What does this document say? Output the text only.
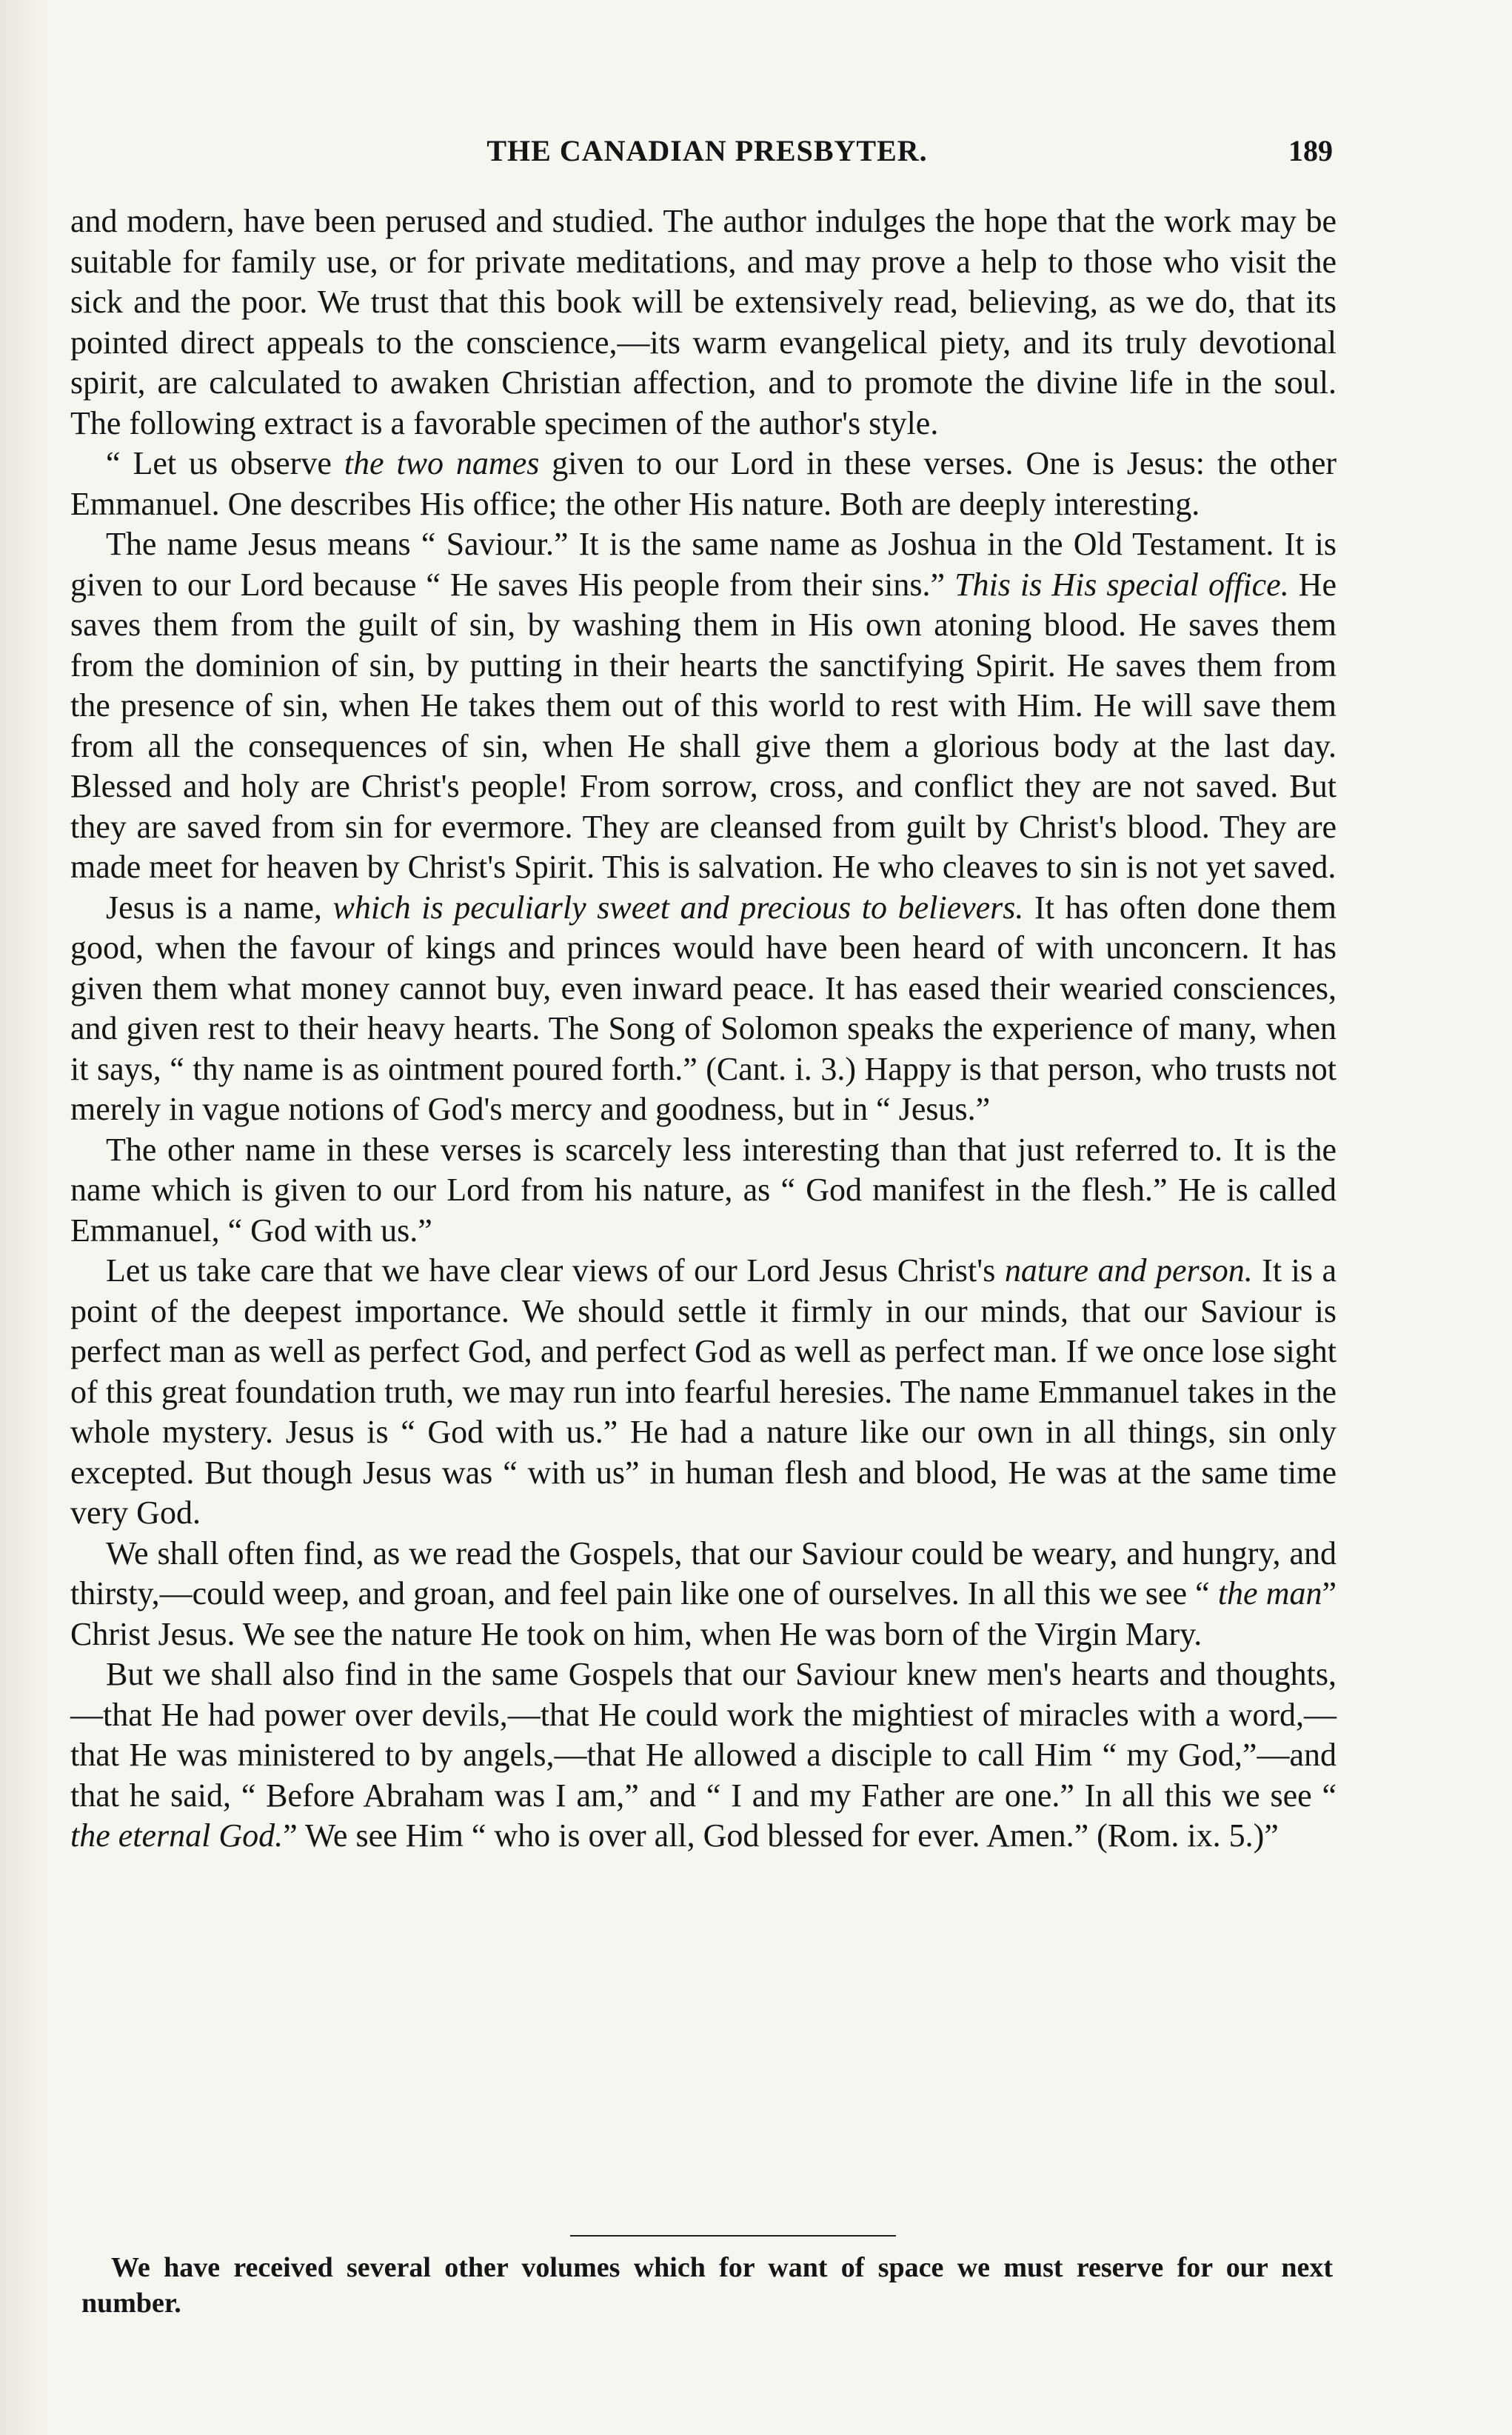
THE CANADIAN PRESBYTER.	189

and modern, have been perused and studied. The author indulges the hope that the work may be suitable for family use, or for private meditations, and may prove a help to those who visit the sick and the poor. We trust that this book will be extensively read, believing, as we do, that its pointed direct appeals to the conscience,—its warm evangelical piety, and its truly devotional spirit, are calculated to awaken Christian affection, and to promote the divine life in the soul. The following extract is a favorable specimen of the author's style.

“ Let us observe the two names given to our Lord in these verses. One is Jesus: the other Emmanuel. One describes His office; the other His nature. Both are deeply interesting.

The name Jesus means “ Saviour.” It is the same name as Joshua in the Old Testament. It is given to our Lord because “ He saves His people from their sins.” This is His special office. He saves them from the guilt of sin, by washing them in His own atoning blood. He saves them from the dominion of sin, by putting in their hearts the sanctifying Spirit. He saves them from the presence of sin, when He takes them out of this world to rest with Him. He will save them from all the consequences of sin, when He shall give them a glorious body at the last day. Blessed and holy are Christ's people! From sorrow, cross, and conflict they are not saved. But they are saved from sin for evermore. They are cleansed from guilt by Christ's blood. They are made meet for heaven by Christ's Spirit. This is salvation. He who cleaves to sin is not yet saved.

Jesus is a name, which is peculiarly sweet and precious to believers. It has often done them good, when the favour of kings and princes would have been heard of with unconcern. It has given them what money cannot buy, even inward peace. It has eased their wearied consciences, and given rest to their heavy hearts. The Song of Solomon speaks the experience of many, when it says, “ thy name is as ointment poured forth.” (Cant. i. 3.) Happy is that person, who trusts not merely in vague notions of God's mercy and goodness, but in “ Jesus.”

The other name in these verses is scarcely less interesting than that just referred to. It is the name which is given to our Lord from his nature, as “ God manifest in the flesh.” He is called Emmanuel, “ God with us.”

Let us take care that we have clear views of our Lord Jesus Christ's nature and person. It is a point of the deepest importance. We should settle it firmly in our minds, that our Saviour is perfect man as well as perfect God, and perfect God as well as perfect man. If we once lose sight of this great foundation truth, we may run into fearful heresies. The name Emmanuel takes in the whole mystery. Jesus is “ God with us.” He had a nature like our own in all things, sin only excepted. But though Jesus was “ with us” in human flesh and blood, He was at the same time very God.

We shall often find, as we read the Gospels, that our Saviour could be weary, and hungry, and thirsty,—could weep, and groan, and feel pain like one of ourselves. In all this we see “ the man” Christ Jesus. We see the nature He took on him, when He was born of the Virgin Mary.

But we shall also find in the same Gospels that our Saviour knew men's hearts and thoughts, —that He had power over devils,—that He could work the mightiest of miracles with a word,—that He was ministered to by angels,—that He allowed a disciple to call Him “ my God,”—and that he said, “ Before Abraham was I am,” and “ I and my Father are one.” In all this we see “ the eternal God.” We see Him “ who is over all, God blessed for ever. Amen.” (Rom. ix. 5.)”

We have received several other volumes which for want of space we must reserve for our next number.
